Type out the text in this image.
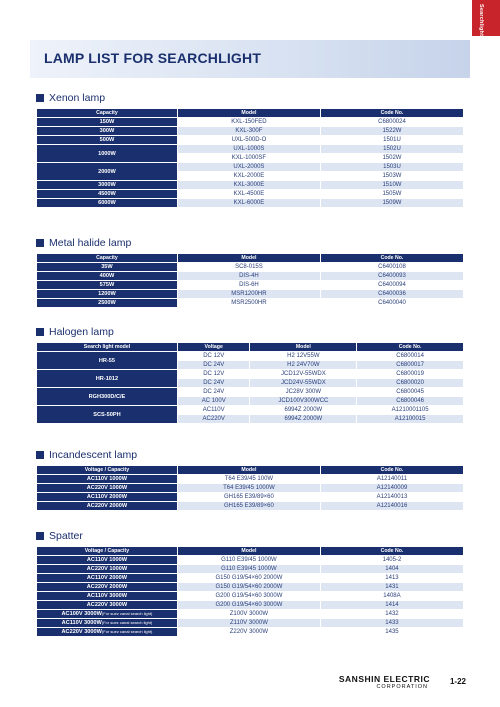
Searchlight
LAMP LIST FOR SEARCHLIGHT
Xenon lamp
Capacity	Model	Code No.
150W	KXL-150FED	C6800024
300W	KXL-300F	1522W
500W	UXL-500D-O	1501U
1000W	UXL-1000S	1502U
	KXL-1000SF	1502W
2000W	UXL-2000S	1503U
	KXL-2000E	1503W
3000W	KXL-3000E	1510W
4500W	KXL-4500E	1505W
6000W	KXL-6000E	1509W
Metal halide lamp
Capacity	Model	Code No.
35W	SC8-015S	C6400108
400W	DIS-4H	C6400093
575W	DIS-6H	C6400094
1200W	MSR1200HR	C6400036
2500W	MSR2500HR	C6400040
Halogen lamp
Search light model	Voltage	Model	Code No.
HR-55	DC 12V	H2 12V55W	C6800014
	DC 24V	H2 24V70W	C6800017
HR-1012	DC 12V	JCD12V-55WDX	C6800019
	DC 24V	JCD24V-55WDX	C6800020
RGH300D/C/E	DC 24V	JC28V 300W	C6800045
	AC 100V	JCD100V300WCC	C6800046
SCS-50PH	AC110V	6994Z 2000W	A1210001105
	AC220V	6994Z 2000W	A12100015
Incandescent lamp
Voltage / Capacity	Model	Code No.
AC110V 1000W	T64 E39/45 100W	A12140011
AC220V 1000W	T64 E39/45 1000W	A12140009
AC110V 2000W	GH165 E39/89×60	A12140013
AC220V 2000W	GH165 E39/89×60	A12140016
Spatter
Voltage / Capacity	Model	Code No.
AC110V 1000W	G110 E39/45 1000W	1405-2
AC220V 1000W	G110 E39/45 1000W	1404
AC110V 2000W	G150 G19/54×60 2000W	1413
AC220V 2000W	G150 G19/54×60 2000W	1431
AC110V 3000W	G200 G19/54×60 3000W	1408A
AC220V 3000W	G200 G19/54×60 3000W	1414
AC100V 3000W(For suez canal search light)	Z100V 3000W	1432
AC110V 3000W(For suez canal search light)	Z110V 3000W	1433
AC220V 3000W(For suez canal search light)	Z220V 3000W	1435
SANSHIN ELECTRIC
CORPORATION
1-22
